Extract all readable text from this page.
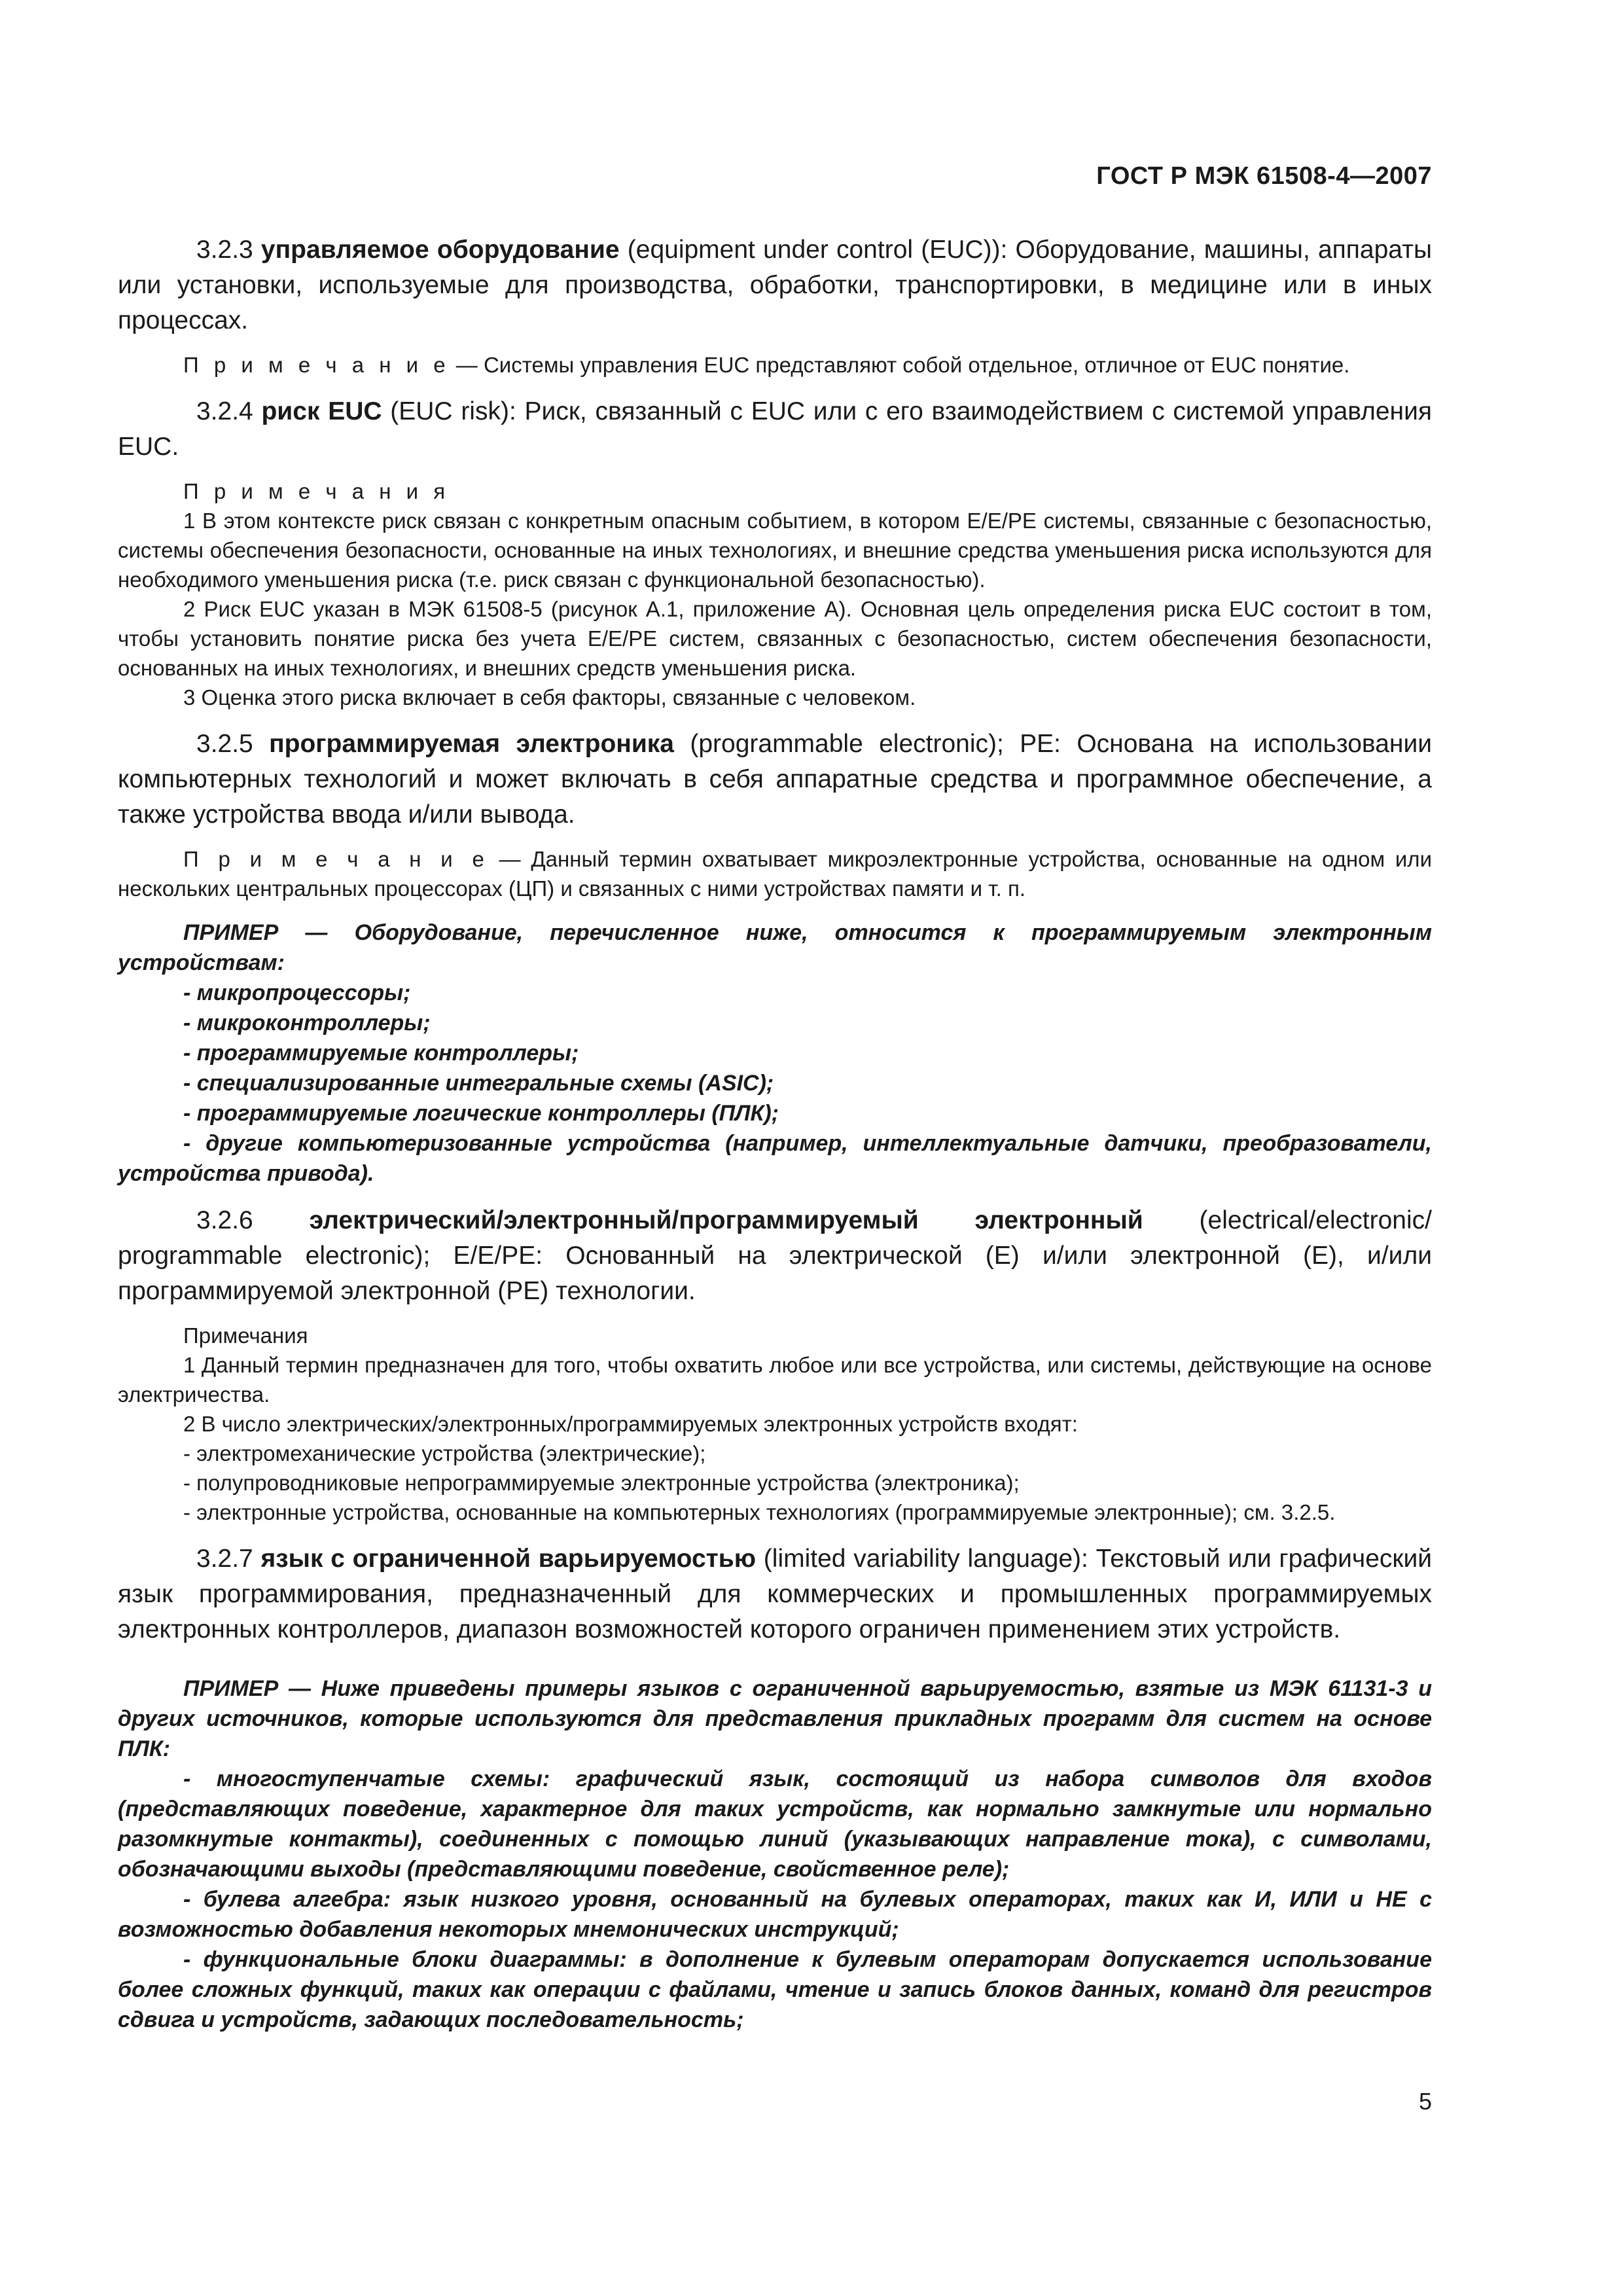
ГОСТ Р МЭК 61508-4—2007

3.2.3 управляемое оборудование (equipment under control (EUC)): Оборудование, машины, аппараты или установки, используемые для производства, обработки, транспортировки, в медицине или в иных процессах.

П р и м е ч а н и е — Системы управления EUC представляют собой отдельное, отличное от EUC понятие.

3.2.4 риск EUC (EUC risk): Риск, связанный с EUC или с его взаимодействием с системой управления EUC.

П р и м е ч а н и я

1 В этом контексте риск связан с конкретным опасным событием, в котором E/E/PE системы, связанные с безопасностью, системы обеспечения безопасности, основанные на иных технологиях, и внешние средства уменьшения риска используются для необходимого уменьшения риска (т.е. риск связан с функциональной безопасностью).

2 Риск EUC указан в МЭК 61508-5 (рисунок А.1, приложение А). Основная цель определения риска EUC состоит в том, чтобы установить понятие риска без учета E/E/PE систем, связанных с безопасностью, систем обеспечения безопасности, основанных на иных технологиях, и внешних средств уменьшения риска.

3 Оценка этого риска включает в себя факторы, связанные с человеком.

3.2.5 программируемая электроника (programmable electronic); PE: Основана на использовании компьютерных технологий и может включать в себя аппаратные средства и программное обеспечение, а также устройства ввода и/или вывода.

П р и м е ч а н и е — Данный термин охватывает микроэлектронные устройства, основанные на одном или нескольких центральных процессорах (ЦП) и связанных с ними устройствах памяти и т. п.

ПРИМЕР — Оборудование, перечисленное ниже, относится к программируемым электронным устройствам:

- микропроцессоры;

- микроконтроллеры;

- программируемые контроллеры;

- специализированные интегральные схемы (ASIC);

- программируемые логические контроллеры (ПЛК);

- другие компьютеризованные устройства (например, интеллектуальные датчики, преобразователи, устройства привода).

3.2.6 электрический/электронный/программируемый электронный (electrical/electronic/ programmable electronic); E/E/PE: Основанный на электрической (E) и/или электронной (E), и/или программируемой электронной (PE) технологии.

Примечания

1 Данный термин предназначен для того, чтобы охватить любое или все устройства, или системы, действующие на основе электричества.

2 В число электрических/электронных/программируемых электронных устройств входят:

- электромеханические устройства (электрические);

- полупроводниковые непрограммируемые электронные устройства (электроника);

- электронные устройства, основанные на компьютерных технологиях (программируемые электронные); см. 3.2.5.

3.2.7 язык с ограниченной варьируемостью (limited variability language): Текстовый или графический язык программирования, предназначенный для коммерческих и промышленных программируемых электронных контроллеров, диапазон возможностей которого ограничен применением этих устройств.

ПРИМЕР — Ниже приведены примеры языков с ограниченной варьируемостью, взятые из МЭК 61131-3 и других источников, которые используются для представления прикладных программ для систем на основе ПЛК:

- многоступенчатые схемы: графический язык, состоящий из набора символов для входов (представляющих поведение, характерное для таких устройств, как нормально замкнутые или нормально разомкнутые контакты), соединенных с помощью линий (указывающих направление тока), с символами, обозначающими выходы (представляющими поведение, свойственное реле);

- булева алгебра: язык низкого уровня, основанный на булевых операторах, таких как И, ИЛИ и НЕ с возможностью добавления некоторых мнемонических инструкций;

- функциональные блоки диаграммы: в дополнение к булевым операторам допускается использование более сложных функций, таких как операции с файлами, чтение и запись блоков данных, команд для регистров сдвига и устройств, задающих последовательность;

5
